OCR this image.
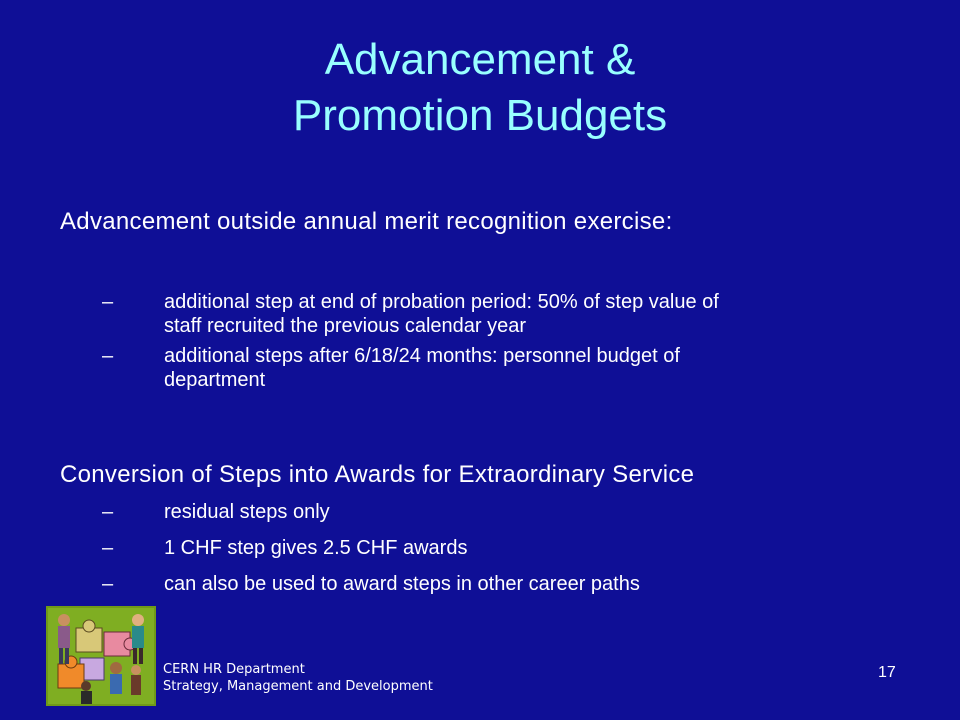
Advancement &
Promotion Budgets

Advancement outside annual merit recognition exercise:

–	additional step at end of probation period: 50% of step value of
staff recruited the previous calendar year
–	additional steps after 6/18/24 months: personnel budget of
department

Conversion of Steps into Awards for Extraordinary Service

–	residual steps only
–	1 CHF step gives 2.5 CHF awards
–	can also be used to award steps in other career paths
CERN HR Department
Strategy, Management and Development
17
